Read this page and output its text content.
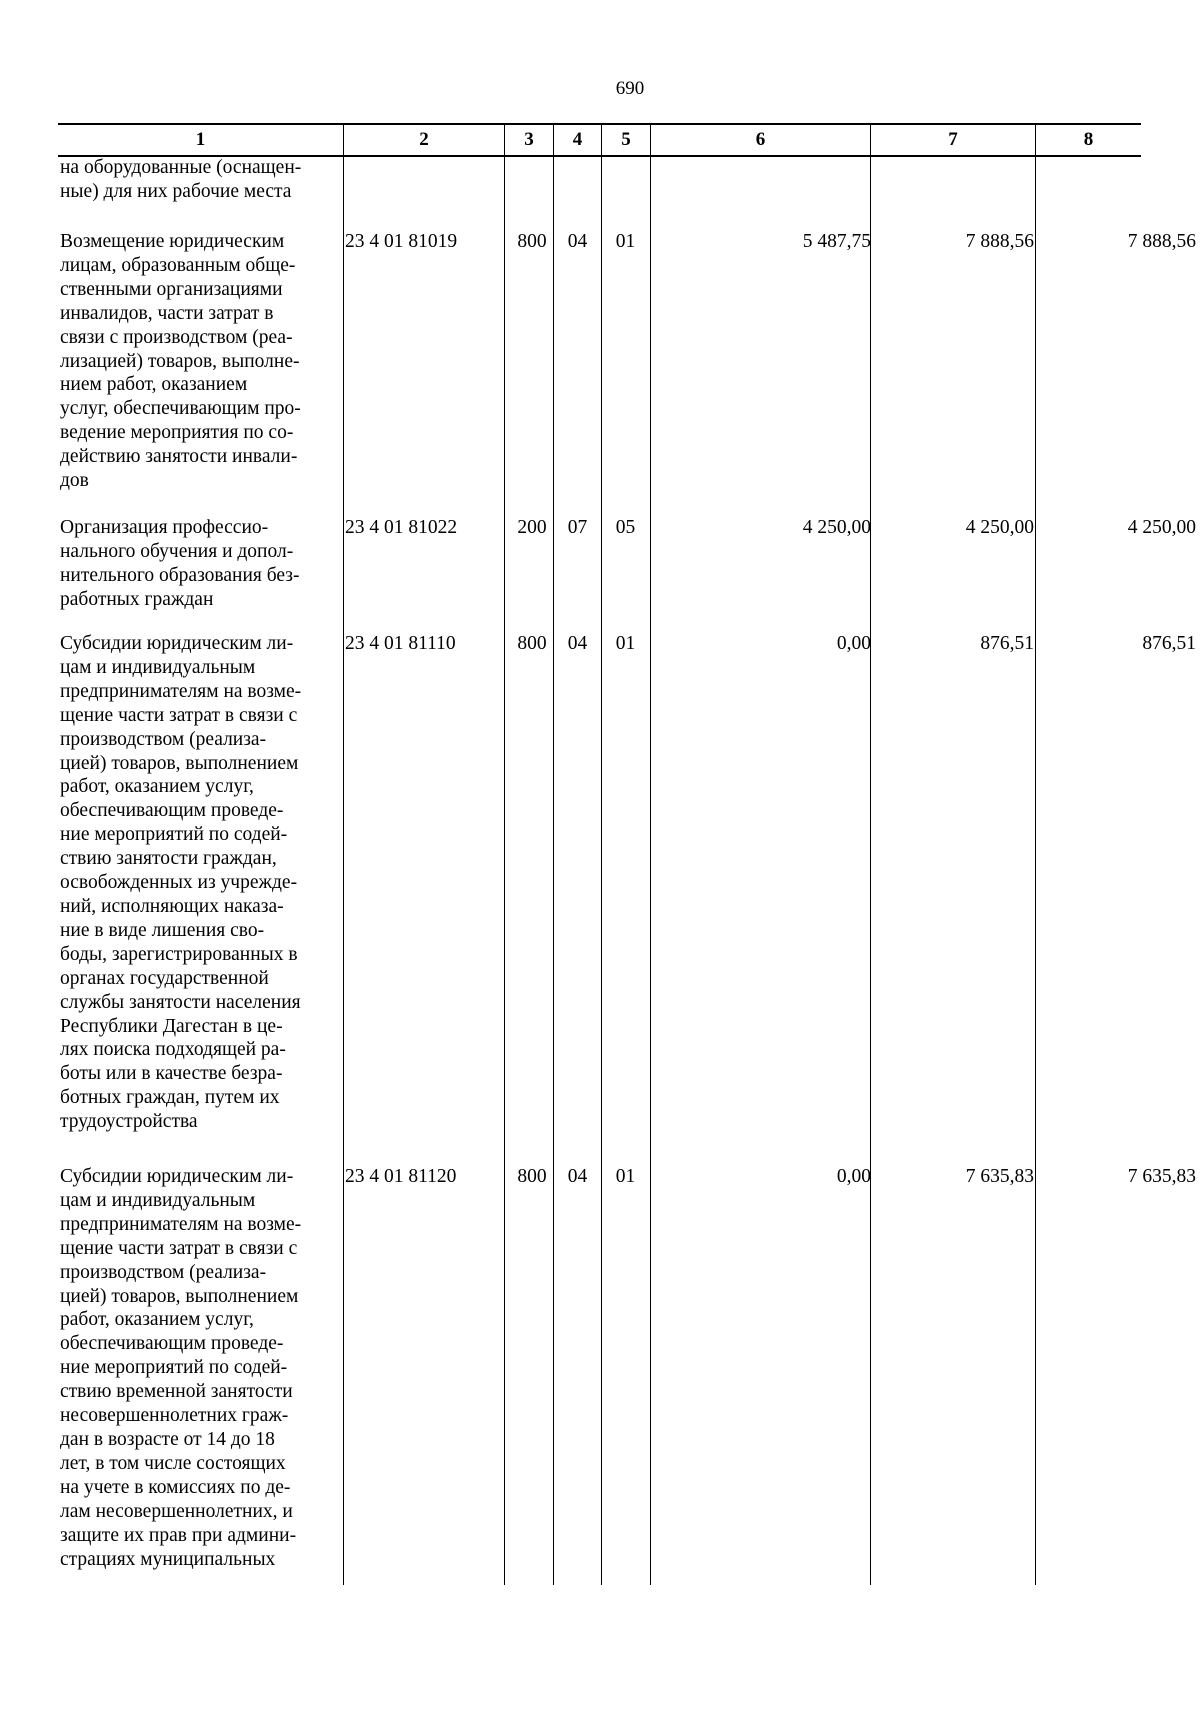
690
1	2	3	4	5	6	7	8
на оборудованные (оснащен-
ные) для них рабочие места
Возмещение юридическим
лицам, образованным обще-
ственными организациями
инвалидов, части затрат в
связи с производством (реа-
лизацией) товаров, выполне-
нием работ, оказанием
услуг, обеспечивающим про-
ведение мероприятия по со-
действию занятости инвали-
дов
23 4 01 81019	800	04	01	5 487,75	7 888,56	7 888,56
Организация профессио-
нального обучения и допол-
нительного образования без-
работных граждан
23 4 01 81022	200	07	05	4 250,00	4 250,00	4 250,00
Субсидии юридическим ли-
цам и индивидуальным
предпринимателям на возме-
щение части затрат в связи с
производством (реализа-
цией) товаров, выполнением
работ, оказанием услуг,
обеспечивающим проведе-
ние мероприятий по содей-
ствию занятости граждан,
освобожденных из учрежде-
ний, исполняющих наказа-
ние в виде лишения сво-
боды, зарегистрированных в
органах государственной
службы занятости населения
Республики Дагестан в це-
лях поиска подходящей ра-
боты или в качестве безра-
ботных граждан, путем их
трудоустройства
23 4 01 81110	800	04	01	0,00	876,51	876,51
Субсидии юридическим ли-
цам и индивидуальным
предпринимателям на возме-
щение части затрат в связи с
производством (реализа-
цией) товаров, выполнением
работ, оказанием услуг,
обеспечивающим проведе-
ние мероприятий по содей-
ствию временной занятости
несовершеннолетних граж-
дан в возрасте от 14 до 18
лет, в том числе состоящих
на учете в комиссиях по де-
лам несовершеннолетних, и
защите их прав при админи-
страциях муниципальных
23 4 01 81120	800	04	01	0,00	7 635,83	7 635,83
